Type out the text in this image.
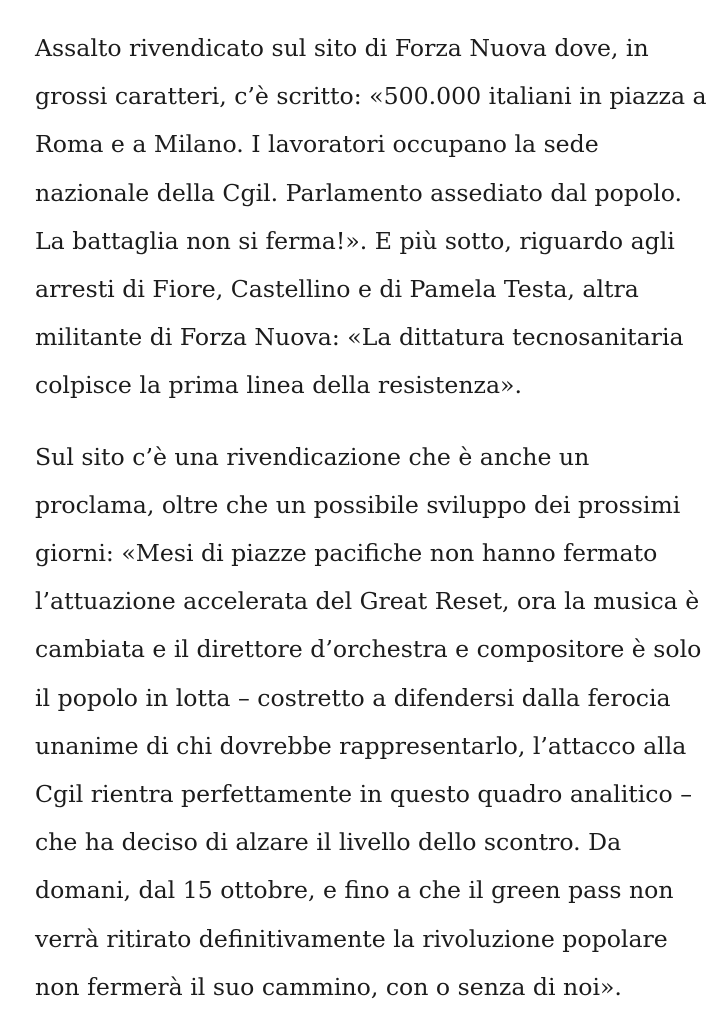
Assalto rivendicato sul sito di Forza Nuova dove, in
grossi caratteri, c’è scritto: «500.000 italiani in piazza a
Roma e a Milano. I lavoratori occupano la sede
nazionale della Cgil. Parlamento assediato dal popolo.
La battaglia non si ferma!». E più sotto, riguardo agli
arresti di Fiore, Castellino e di Pamela Testa, altra
militante di Forza Nuova: «La dittatura tecnosanitaria
colpisce la prima linea della resistenza».

Sul sito c’è una rivendicazione che è anche un
proclama, oltre che un possibile sviluppo dei prossimi
giorni: «Mesi di piazze pacifiche non hanno fermato
l’attuazione accelerata del Great Reset, ora la musica è
cambiata e il direttore d’orchestra e compositore è solo
il popolo in lotta – costretto a difendersi dalla ferocia
unanime di chi dovrebbe rappresentarlo, l’attacco alla
Cgil rientra perfettamente in questo quadro analitico –
che ha deciso di alzare il livello dello scontro. Da
domani, dal 15 ottobre, e fino a che il green pass non
verrà ritirato definitivamente la rivoluzione popolare
non fermerà il suo cammino, con o senza di noi».
